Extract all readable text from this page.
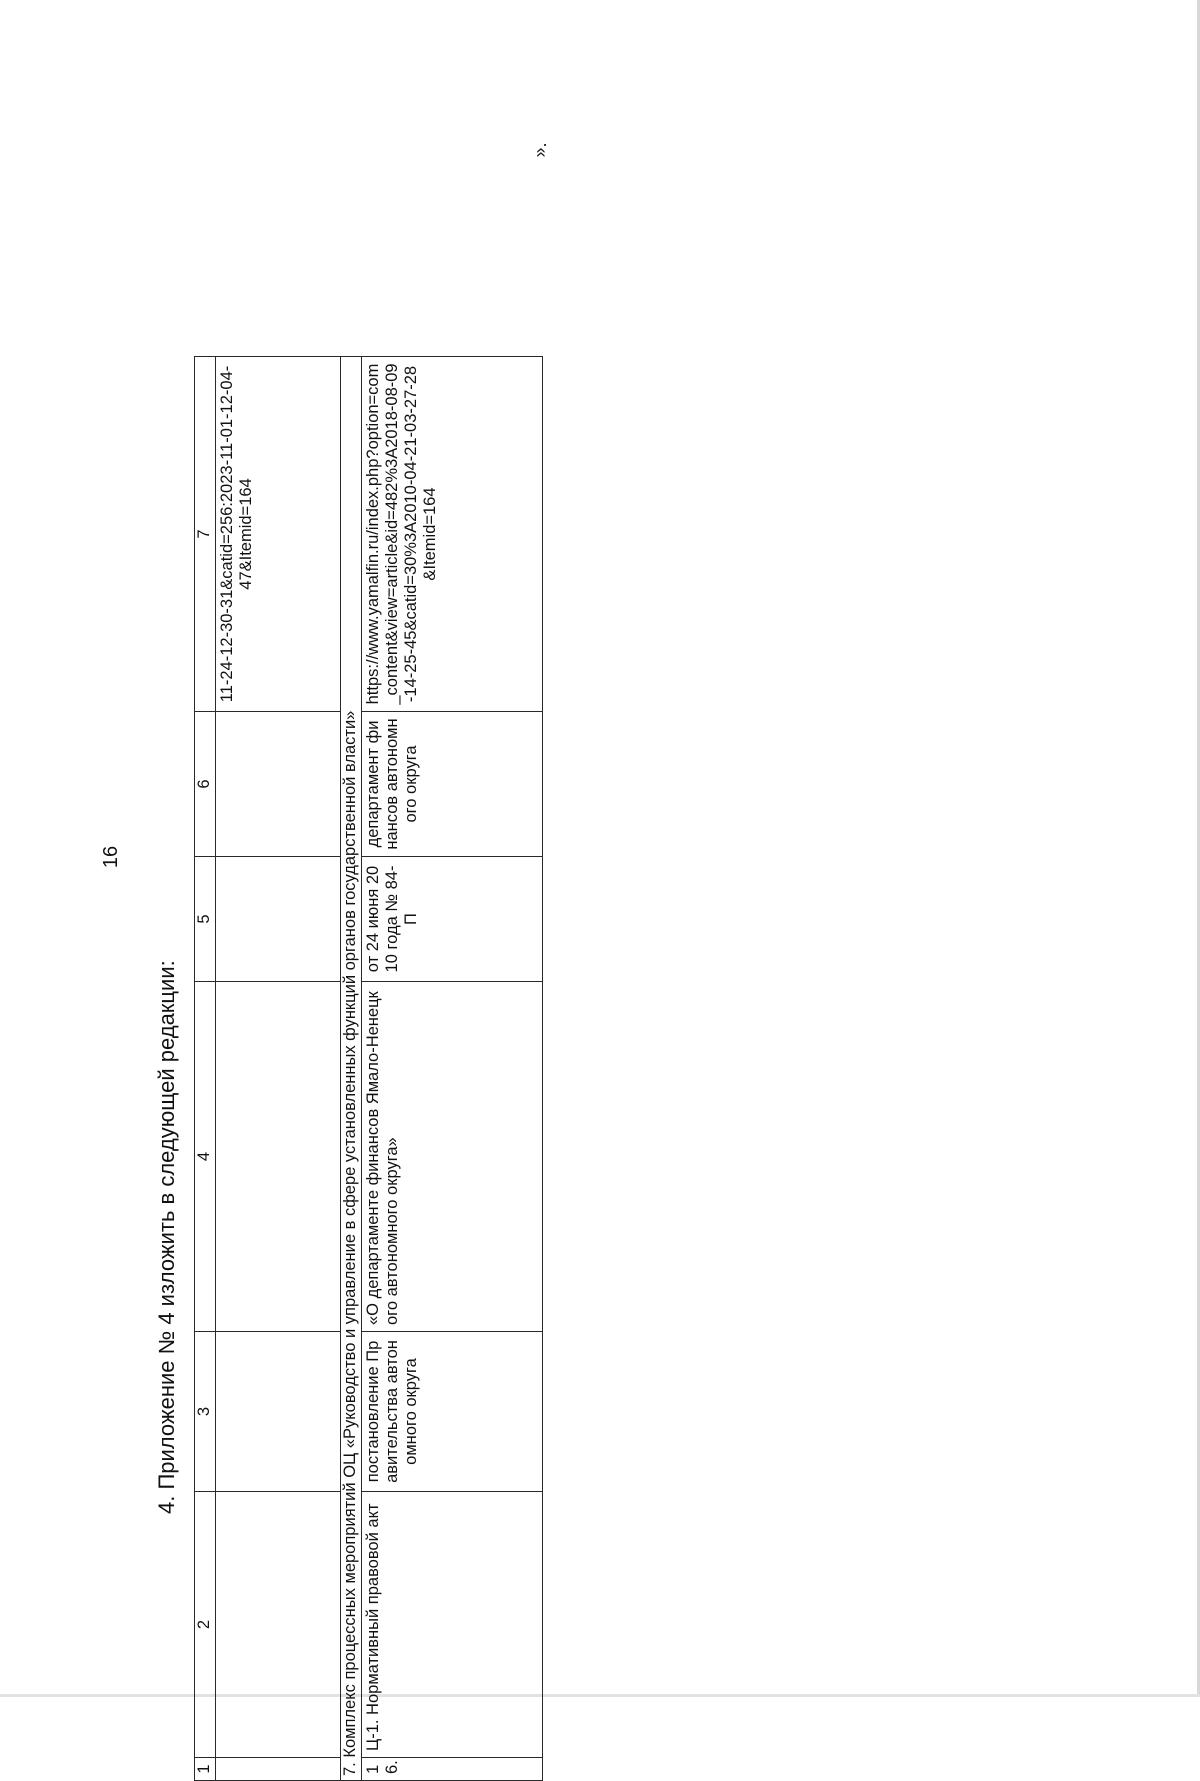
16
1	2	3	4	5	6	7
						11-24-12-30-31&catid=256:2023-11-01-12-04-47&Itemid=164
7. Комплекс процессных мероприятий ОЦ «Руководство и управление в сфере установленных функций органов государственной власти»						
16.	Ц-1. Нормативный правовой акт	постановление Правительства автономного округа	«О департаменте финансов Ямало-Ненецкого автономного округа»	от 24 июня 2010 года № 84-П	департамент финансов автономного округа	https://www.yamalfin.ru/index.php?option=com_content&view=article&id=482%3A2018-08-09-14-25-45&catid=30%3A2010-04-21-03-27-28&Itemid=164
».
4. Приложение № 4 изложить в следующей редакции:
